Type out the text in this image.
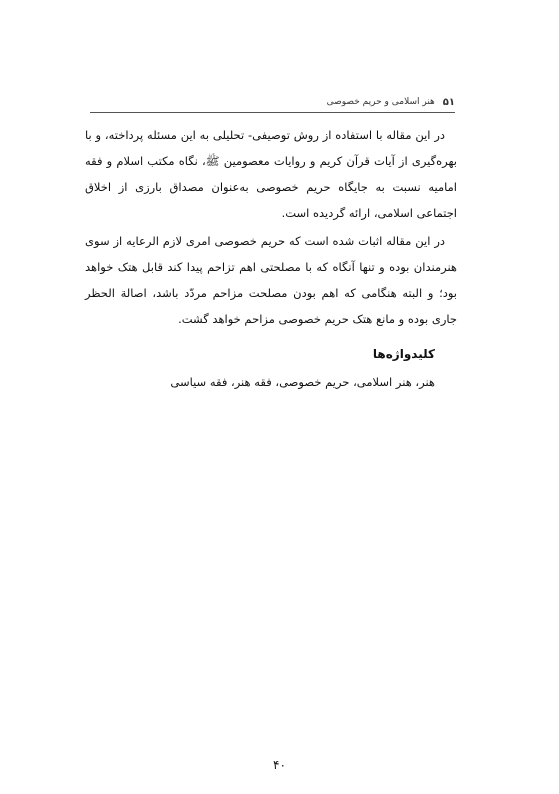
۵۱
هنر اسلامی و حریم خصوصی

در این مقاله با استفاده از روش توصیفی- تحلیلی به این مسئله پرداخته، و با بهره‌گیری از آیات قرآن کریم و روایات معصومین ﷺ، نگاه مکتب اسلام و فقه امامیه نسبت به جایگاه حریم خصوصی به‌عنوان مصداق بارزی از اخلاق اجتماعی اسلامی، ارائه گردیده است.

در این مقاله اثبات شده است که حریم خصوصی امری لازم الرعایه از سوی هنرمندان بوده و تنها آنگاه که با مصلحتی اهم تزاحم پیدا کند قابل هتک خواهد بود؛ و البته هنگامی که اهم بودن مصلحت مزاحم مردّد باشد، اصالة الحظر جاری بوده و مانع هتک حریم خصوصی مزاحم خواهد گشت.

کلیدواژه‌ها
هنر، هنر اسلامی، حریم خصوصی، فقه هنر، فقه سیاسی
۴۰
